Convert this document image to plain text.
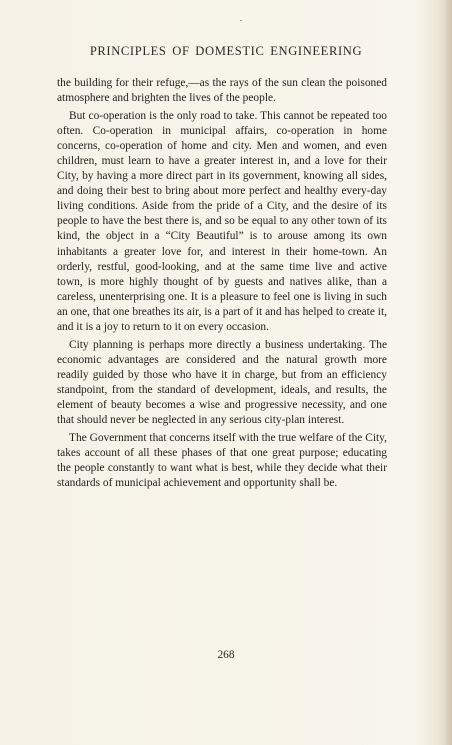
PRINCIPLES OF DOMESTIC ENGINEERING

the building for their refuge,—as the rays of the sun clean the poisoned atmosphere and brighten the lives of the people.

But co-operation is the only road to take. This cannot be repeated too often. Co-operation in municipal affairs, co-operation in home concerns, co-operation of home and city. Men and women, and even children, must learn to have a greater interest in, and a love for their City, by having a more direct part in its government, knowing all sides, and doing their best to bring about more perfect and healthy every-day living conditions. Aside from the pride of a City, and the desire of its people to have the best there is, and so be equal to any other town of its kind, the object in a “City Beautiful” is to arouse among its own inhabitants a greater love for, and interest in their home-town. An orderly, restful, good-looking, and at the same time live and active town, is more highly thought of by guests and natives alike, than a careless, unenterprising one. It is a pleasure to feel one is living in such an one, that one breathes its air, is a part of it and has helped to create it, and it is a joy to return to it on every occasion.

City planning is perhaps more directly a business undertaking. The economic advantages are considered and the natural growth more readily guided by those who have it in charge, but from an efficiency standpoint, from the standard of development, ideals, and results, the element of beauty becomes a wise and progressive necessity, and one that should never be neglected in any serious city-plan interest.

The Government that concerns itself with the true welfare of the City, takes account of all these phases of that one great purpose; educating the people constantly to want what is best, while they decide what their standards of municipal achievement and opportunity shall be.

268
